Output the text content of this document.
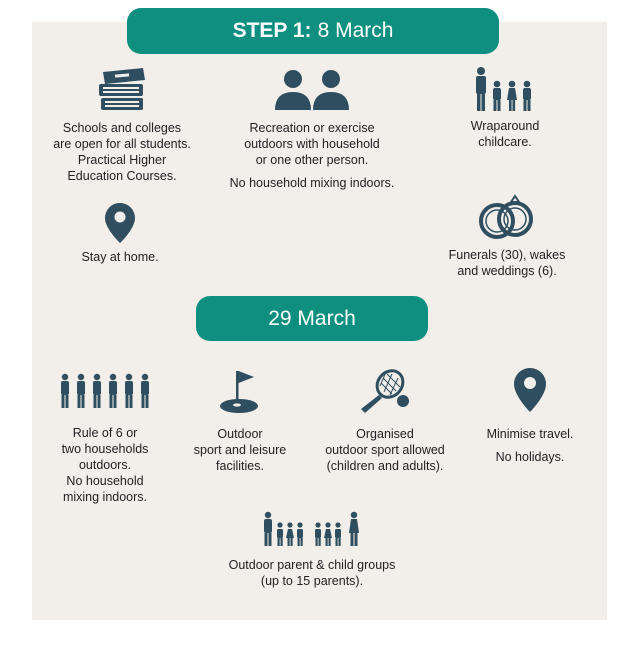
STEP 1: 8 March
Schools and colleges
are open for all students.
Practical Higher
Education Courses.
Recreation or exercise
outdoors with household
or one other person.
No household mixing indoors.
Wraparound
childcare.
Stay at home.	Funerals (30), wakes
and weddings (6).
29 March
Rule of 6 or
two households
outdoors.
No household
mixing indoors.
Outdoor
sport and leisure
facilities.
Organised
outdoor sport allowed
(children and adults).
Minimise travel.
No holidays.
Outdoor parent & child groups
(up to 15 parents).
